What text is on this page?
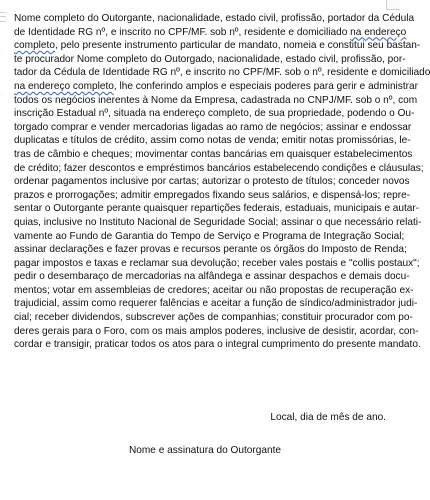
Nome completo do Outorgante, nacionalidade, estado civil, profissão, portador da Cédula
de Identidade RG nº, e inscrito no CPF/MF. sob nº, residente e domiciliado na endereço
completo, pelo presente instrumento particular de mandato, nomeia e constitui seu bastan-
te procurador Nome completo do Outorgado, nacionalidade, estado civil, profissão, por-
tador da Cédula de Identidade RG nº, e inscrito no CPF/MF. sob o nº, residente e domiciliado
na endereço completo, lhe conferindo amplos e especiais poderes para gerir e administrar
todos os negócios inerentes à Nome da Empresa, cadastrada no CNPJ/MF. sob o nº, com
inscrição Estadual nº, situada na endereço completo, de sua propriedade, podendo o Ou-
torgado comprar e vender mercadorias ligadas ao ramo de negócios; assinar e endossar
duplicatas e títulos de crédito, assim como notas de venda; emitir notas promissórias, le-
tras de câmbio e cheques; movimentar contas bancárias em quaisquer estabelecimentos
de crédito; fazer descontos e empréstimos bancários estabelecendo condições e cláusulas;
ordenar pagamentos inclusive por cartas; autorizar o protesto de títulos; conceder novos
prazos e prorrogações; admitir empregados fixando seus salários, e dispensá-los; repre-
sentar o Outorgante perante quaisquer repartições federais, estaduais, municipais e autar-
quias, inclusive no Instituto Nacional de Seguridade Social; assinar o que necessário relati-
vamente ao Fundo de Garantia do Tempo de Serviço e Programa de Integração Social;
assinar declarações e fazer provas e recursos perante os órgãos do Imposto de Renda;
pagar impostos e taxas e reclamar sua devolução; receber vales postais e "collis postaux";
pedir o desembaraço de mercadorias na alfândega e assinar despachos e demais docu-
mentos; votar em assembleias de credores; aceitar ou não propostas de recuperação ex-
trajudicial, assim como requerer falências e aceitar a função de síndico/administrador judi-
cial; receber dividendos, subscrever ações de companhias; constituir procurador com po-
deres gerais para o Foro, com os mais amplos poderes, inclusive de desistir, acordar, con-
cordar e transigir, praticar todos os atos para o integral cumprimento do presente mandato.
Local, dia de mês de ano.
Nome e assinatura do Outorgante
